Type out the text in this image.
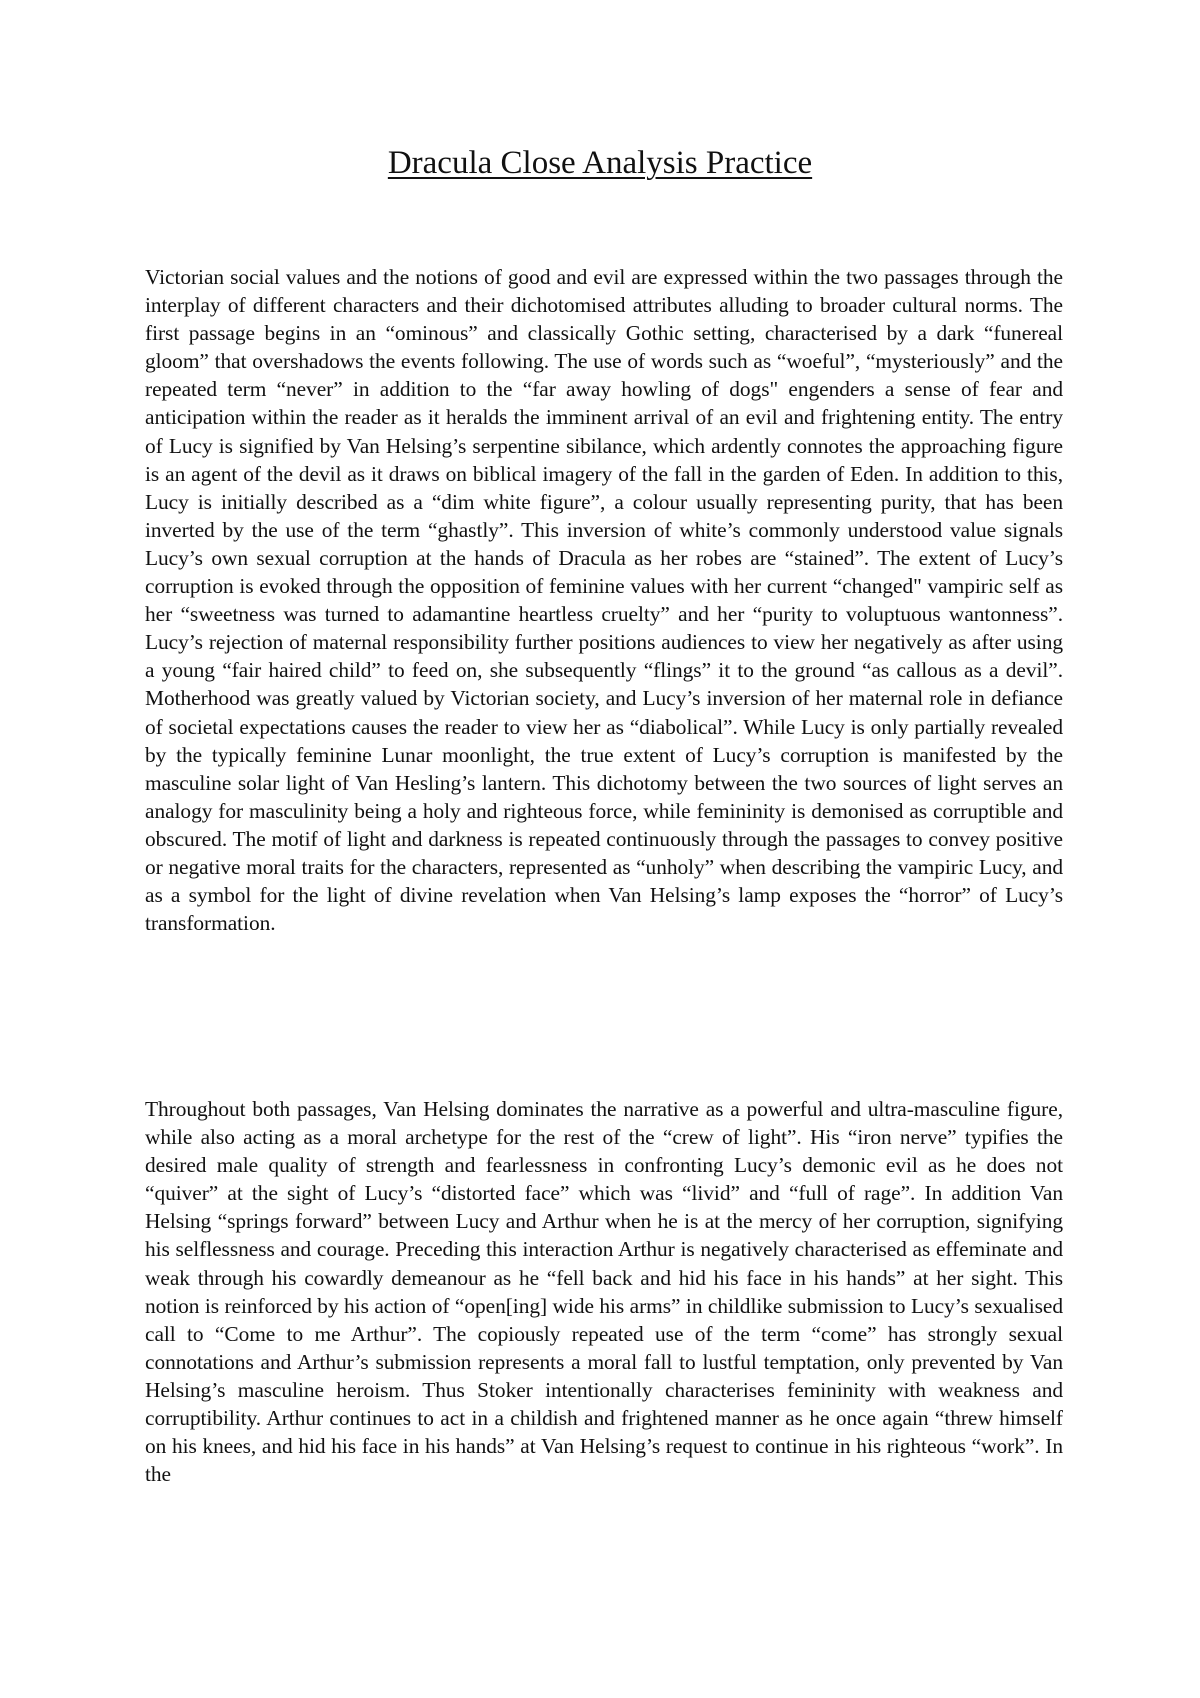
Dracula Close Analysis Practice

Victorian social values and the notions of good and evil are expressed within the two passages through the interplay of different characters and their dichotomised attributes alluding to broader cultural norms. The first passage begins in an “ominous” and classically Gothic setting, characterised by a dark “funereal gloom” that overshadows the events following. The use of words such as “woeful”, “mysteriously” and the repeated term “never” in addition to the “far away howling of dogs" engenders a sense of fear and anticipation within the reader as it heralds the imminent arrival of an evil and frightening entity. The entry of Lucy is signified by Van Helsing’s serpentine sibilance, which ardently connotes the approaching figure is an agent of the devil as it draws on biblical imagery of the fall in the garden of Eden. In addition to this, Lucy is initially described as a “dim white figure”, a colour usually representing purity, that has been inverted by the use of the term “ghastly”. This inversion of white’s commonly understood value signals Lucy’s own sexual corruption at the hands of Dracula as her robes are “stained”. The extent of Lucy’s corruption is evoked through the opposition of feminine values with her current “changed" vampiric self as her “sweetness was turned to adamantine heartless cruelty” and her “purity to voluptuous wantonness”. Lucy’s rejection of maternal responsibility further positions audiences to view her negatively as after using a young “fair haired child” to feed on, she subsequently “flings” it to the ground “as callous as a devil”. Motherhood was greatly valued by Victorian society, and Lucy’s inversion of her maternal role in defiance of societal expectations causes the reader to view her as “diabolical”. While Lucy is only partially revealed by the typically feminine Lunar moonlight, the true extent of Lucy’s corruption is manifested by the masculine solar light of Van Hesling’s lantern. This dichotomy between the two sources of light serves an analogy for masculinity being a holy and righteous force, while femininity is demonised as corruptible and obscured. The motif of light and darkness is repeated continuously through the passages to convey positive or negative moral traits for the characters, represented as “unholy” when describing the vampiric Lucy, and as a symbol for the light of divine revelation when Van Helsing’s lamp exposes the “horror” of Lucy’s transformation.

Throughout both passages, Van Helsing dominates the narrative as a powerful and ultra-masculine figure, while also acting as a moral archetype for the rest of the “crew of light”. His “iron nerve” typifies the desired male quality of strength and fearlessness in confronting Lucy’s demonic evil as he does not “quiver” at the sight of Lucy’s “distorted face” which was “livid” and “full of rage”. In addition Van Helsing “springs forward” between Lucy and Arthur when he is at the mercy of her corruption, signifying his selflessness and courage. Preceding this interaction Arthur is negatively characterised as effeminate and weak through his cowardly demeanour as he “fell back and hid his face in his hands” at her sight. This notion is reinforced by his action of “open[ing] wide his arms” in childlike submission to Lucy’s sexualised call to “Come to me Arthur”. The copiously repeated use of the term “come” has strongly sexual connotations and Arthur’s submission represents a moral fall to lustful temptation, only prevented by Van Helsing’s masculine heroism. Thus Stoker intentionally characterises femininity with weakness and corruptibility. Arthur continues to act in a childish and frightened manner as he once again “threw himself on his knees, and hid his face in his hands” at Van Helsing’s request to continue in his righteous “work”. In the
